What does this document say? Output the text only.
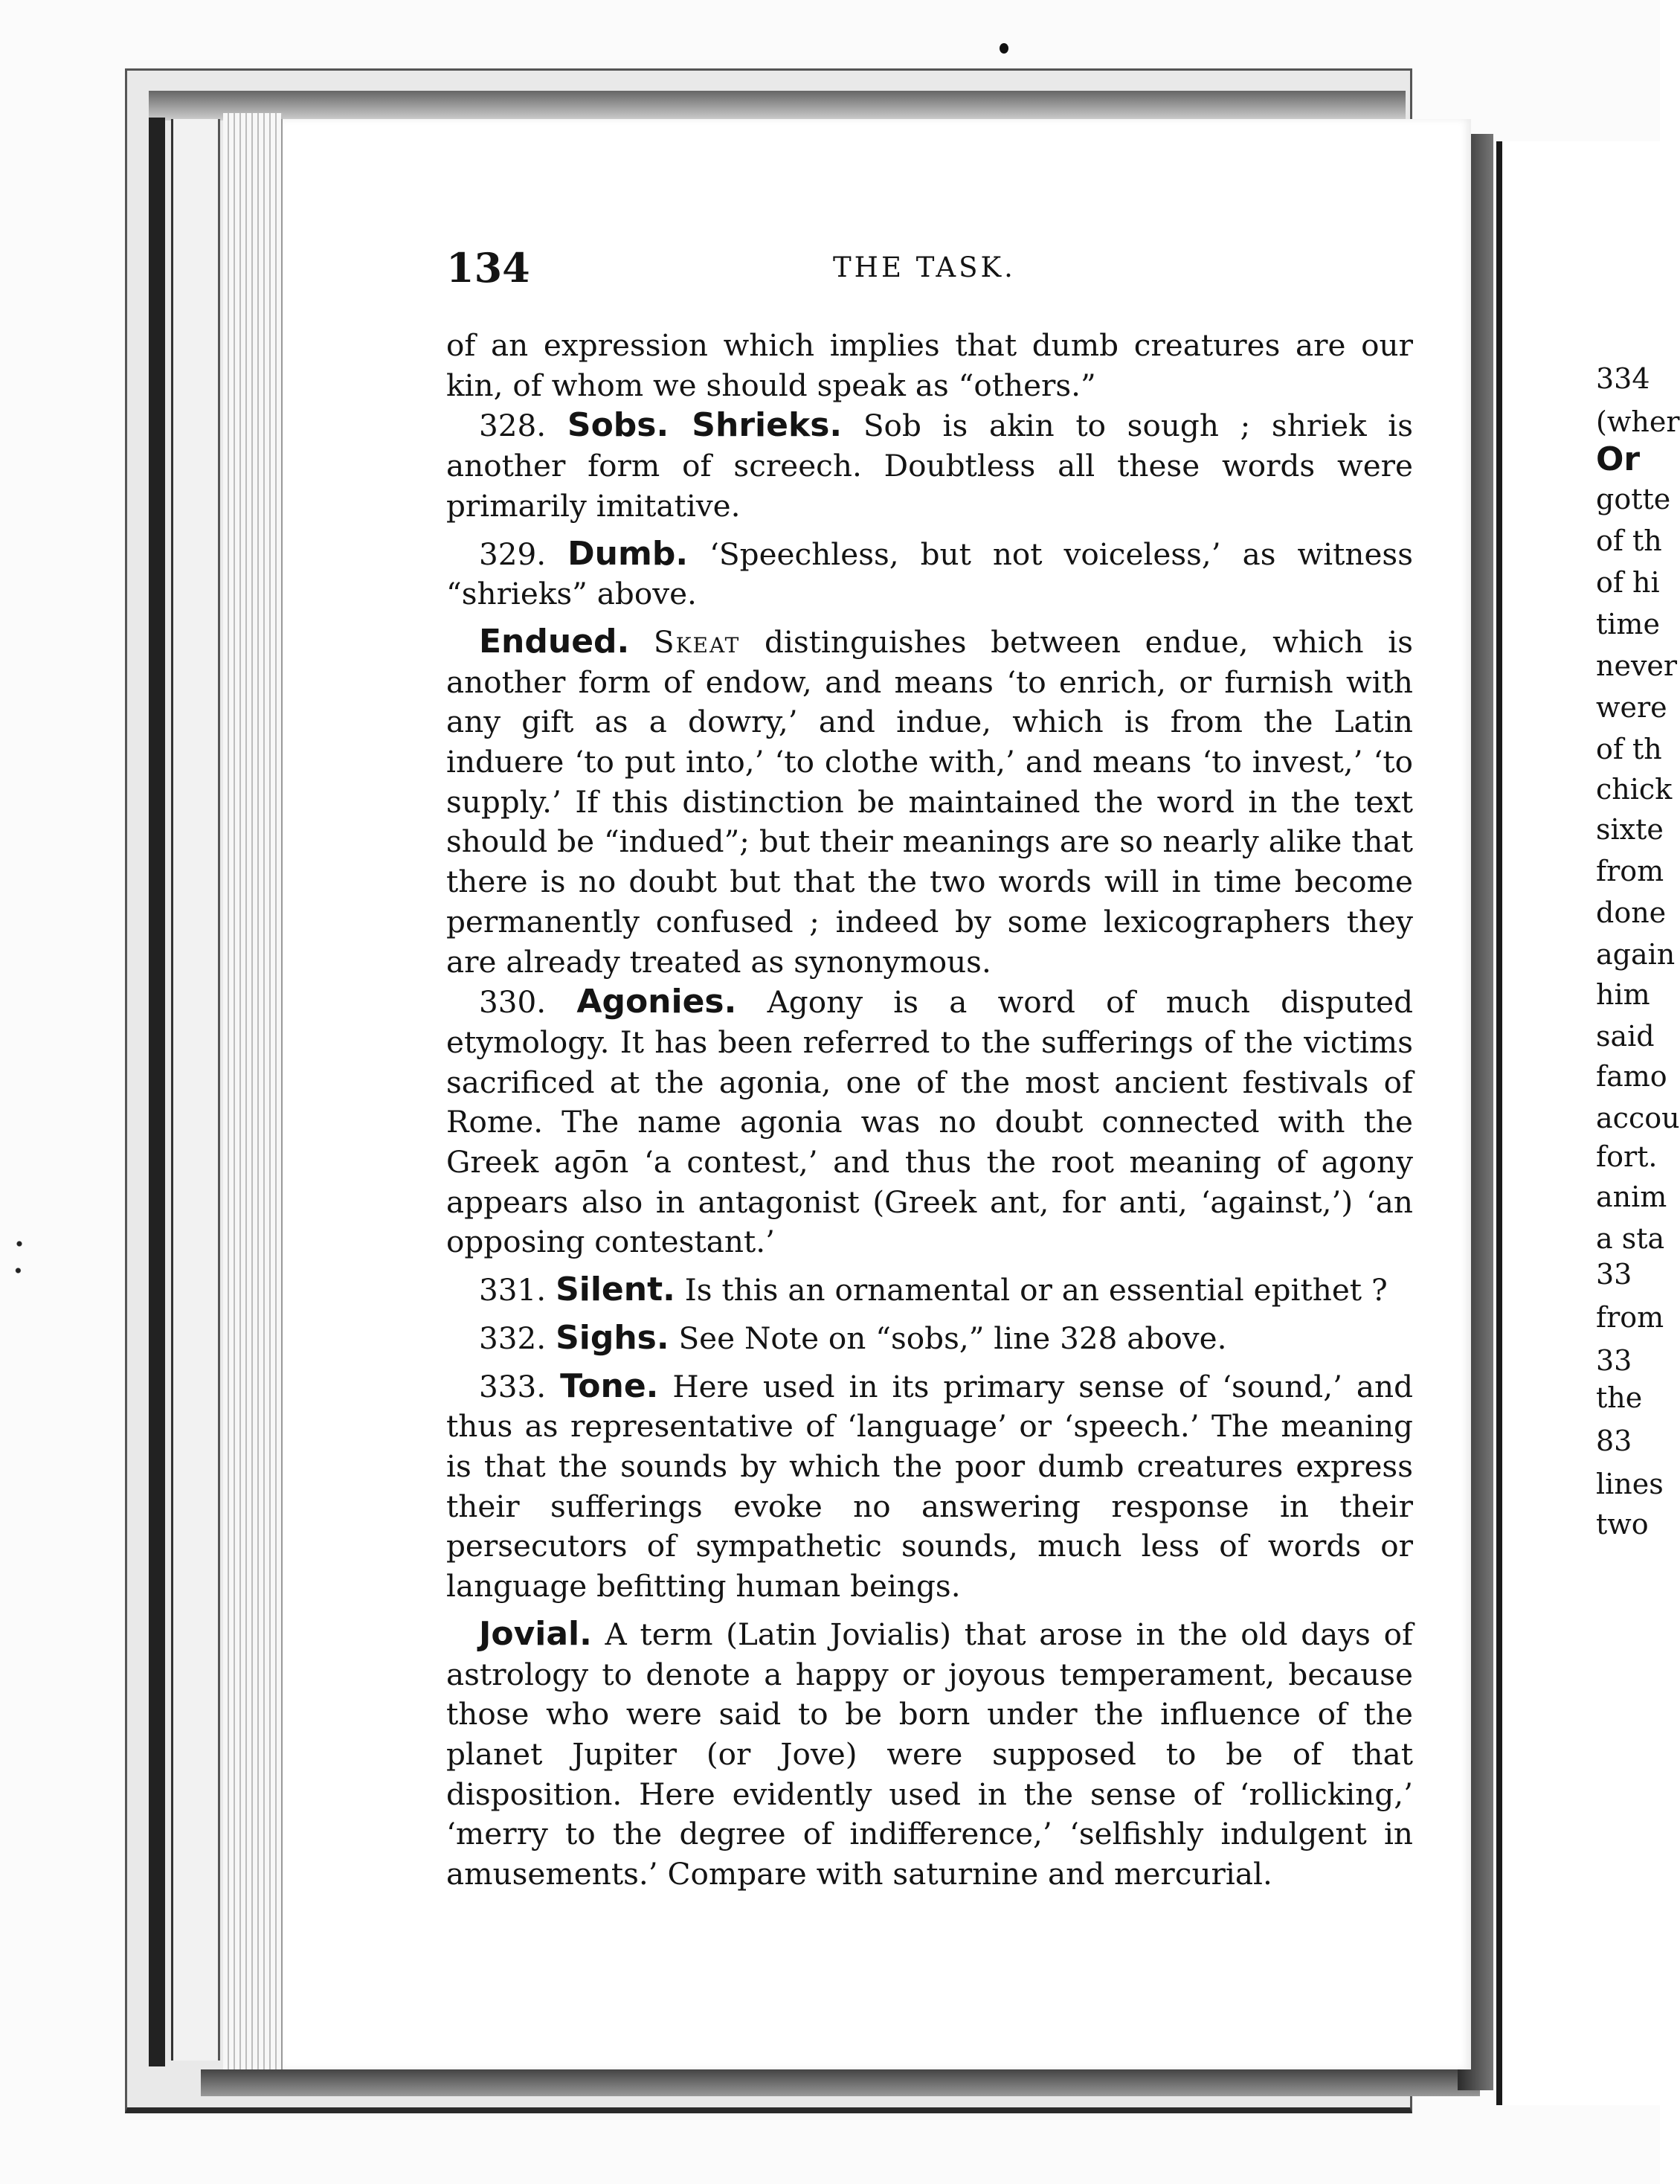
134	THE TASK.

of an expression which implies that dumb creatures are our kin, of whom we should speak as “others.”

328. Sobs. Shrieks. Sob is akin to sough ; shriek is another form of screech. Doubtless all these words were primarily imitative.

329. Dumb. ‘Speechless, but not voiceless,’ as witness “shrieks” above.

Endued. Skeat distinguishes between endue, which is another form of endow, and means ‘to enrich, or furnish with any gift as a dowry,’ and indue, which is from the Latin induere ‘to put into,’ ‘to clothe with,’ and means ‘to invest,’ ‘to supply.’ If this distinction be maintained the word in the text should be “indued”; but their meanings are so nearly alike that there is no doubt but that the two words will in time become permanently confused ; indeed by some lexicographers they are already treated as synonymous.

330. Agonies. Agony is a word of much disputed etymology. It has been referred to the sufferings of the victims sacrificed at the agonia, one of the most ancient festivals of Rome. The name agonia was no doubt connected with the Greek agōn ‘a contest,’ and thus the root meaning of agony appears also in antagonist (Greek ant, for anti, ‘against,’) ‘an opposing contestant.’

331. Silent. Is this an ornamental or an essential epithet ?

332. Sighs. See Note on “sobs,” line 328 above.

333. Tone. Here used in its primary sense of ‘sound,’ and thus as representative of ‘language’ or ‘speech.’ The meaning is that the sounds by which the poor dumb creatures express their sufferings evoke no answering response in their persecutors of sympathetic sounds, much less of words or language befitting human beings.

Jovial. A term (Latin Jovialis) that arose in the old days of astrology to denote a happy or joyous temperament, because those who were said to be born under the influence of the planet Jupiter (or Jove) were supposed to be of that disposition. Here evidently used in the sense of ‘rollicking,’ ‘merry to the degree of indifference,’ ‘selfishly indulgent in amusements.’ Compare with saturnine and mercurial.

334
(wher
Or
gotte
of th
of hi
time
never
were
of th
chick
sixte
from
done
again
him
said
famo
accou
fort.
anim
a sta
33
from
33
the
83
lines
two
